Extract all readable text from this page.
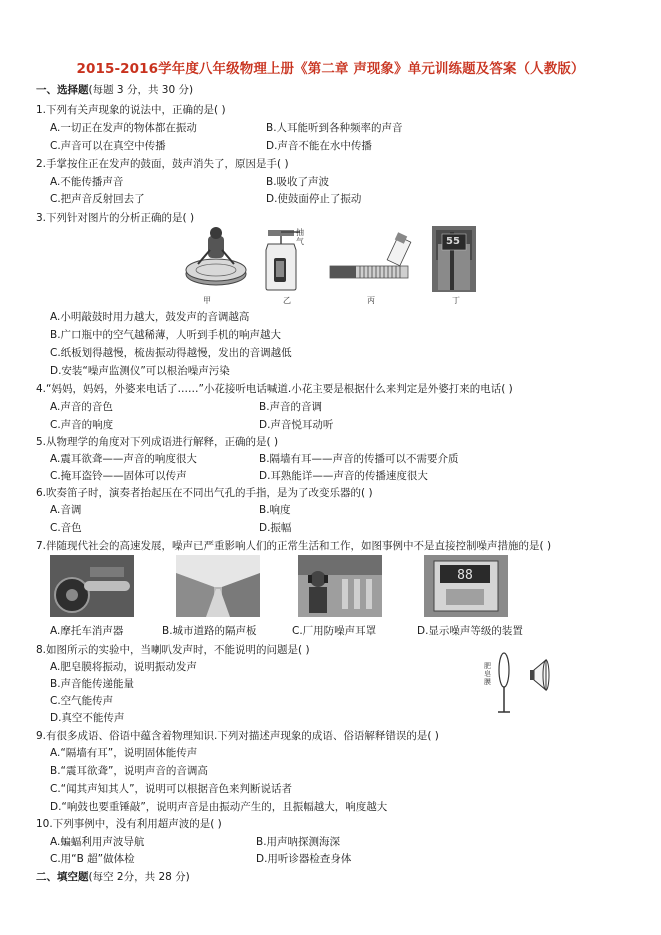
2015-2016学年度八年级物理上册《第二章 声现象》单元训练题及答案（人教版）
一、选择题(每题 3 分，共 30 分)
1.下列有关声现象的说法中，正确的是( )
A.一切正在发声的物体都在振动	B.人耳能听到各种频率的声音
C.声音可以在真空中传播	D.声音不能在水中传播
2.手掌按住正在发声的鼓面，鼓声消失了，原因是手( )
A.不能传播声音	B.吸收了声波
C.把声音反射回去了	D.使鼓面停止了振动
3.下列针对图片的分析正确的是( )
甲
抽气
乙	丙
55
丁
A.小明敲鼓时用力越大，鼓发声的音调越高
B.广口瓶中的空气越稀薄，人听到手机的响声越大
C.纸板划得越慢，梳齿振动得越慢，发出的音调越低
D.安装“噪声监测仪”可以根治噪声污染
4.“妈妈，妈妈，外婆来电话了……”小花接听电话喊道.小花主要是根据什么来判定是外婆打来的电话( )
A.声音的音色	B.声音的音调
C.声音的响度	D.声音悦耳动听
5.从物理学的角度对下列成语进行解释，正确的是( )
A.震耳欲聋——声音的响度很大	B.隔墙有耳——声音的传播可以不需要介质
C.掩耳盗铃——固体可以传声	D.耳熟能详——声音的传播速度很大
6.吹奏笛子时，演奏者抬起压在不同出气孔的手指，是为了改变乐器的( )
A.音调	B.响度
C.音色	D.振幅
7.伴随现代社会的高速发展，噪声已严重影响人们的正常生活和工作，如图事例中不是直接控制噪声措施的是( )
88
A.摩托车消声器	B.城市道路的隔声板	C.厂用防噪声耳罩	D.显示噪声等级的装置
8.如图所示的实验中，当喇叭发声时，不能说明的问题是( )
A.肥皂膜将振动，说明振动发声
B.声音能传递能量
C.空气能传声
D.真空不能传声
肥皂膜
9.有很多成语、俗语中蕴含着物理知识.下列对描述声现象的成语、俗语解释错误的是( )
A.“隔墙有耳”，说明固体能传声
B.“震耳欲聋”，说明声音的音调高
C.“闻其声知其人”，说明可以根据音色来判断说话者
D.“响鼓也要重锤敲”，说明声音是由振动产生的，且振幅越大，响度越大
10.下列事例中，没有利用超声波的是( )
A.蝙蝠利用声波导航	B.用声呐探测海深
C.用“B 超”做体检	D.用听诊器检查身体
二、填空题(每空 2分，共 28 分)
